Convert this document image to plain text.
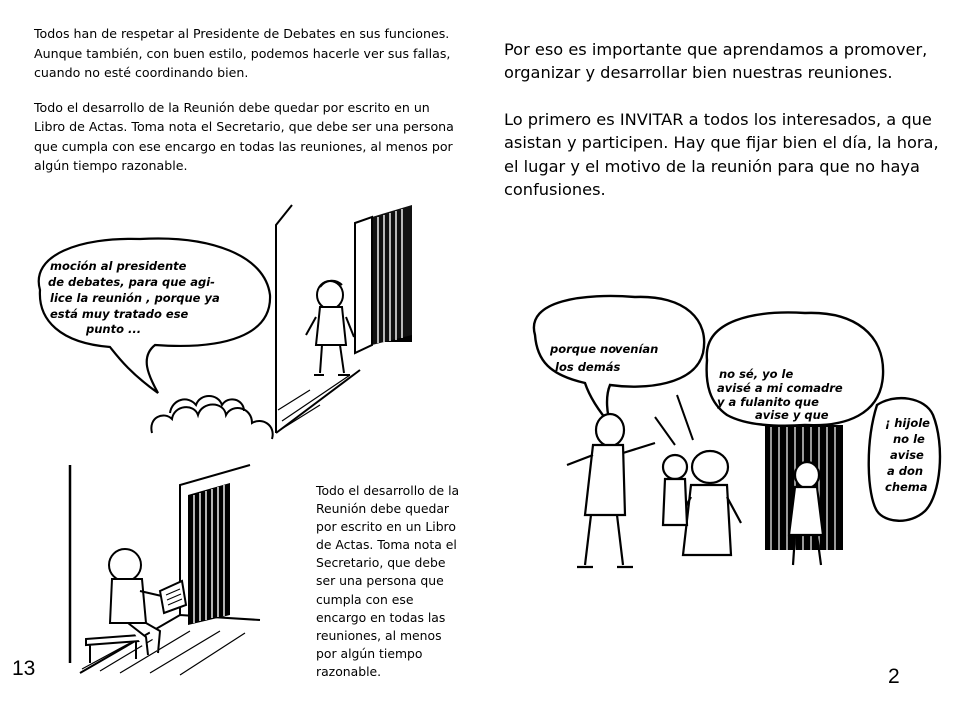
Todos han de respetar al Presidente de Debates en sus funciones. Aunque también, con buen estilo, podemos hacerle ver sus fallas, cuando no esté coordinando bien.

Todo el desarrollo de la Reunión debe quedar por escrito en un Libro de Actas. Toma nota el Secretario, que debe ser una persona que cumpla con ese encargo en todas las reuniones, al menos por algún tiempo razonable.

moción al presidente
de debates, para que agi-
lice la reunión , porque ya
está muy tratado ese
punto ...
Todo el desarrollo de la Reunión debe quedar por escrito en un Libro de Actas. Toma nota el Secretario, que debe ser una persona que cumpla con ese encargo en todas las reuniones, al menos por algún tiempo razonable.
13

Por eso es importante que aprendamos a promover, organizar y desarrollar bien nuestras reuniones.

Lo primero es INVITAR a todos los interesados, a que asistan y participen. Hay que fijar bien el día, la hora, el lugar y el motivo de la reunión para que no haya confusiones.

porque no
venían
los demás	no sé, yo le
avisé a mi comadre
y a fulanito que
avise y que
¡ hijole
no le
avise
a don
chema
2
